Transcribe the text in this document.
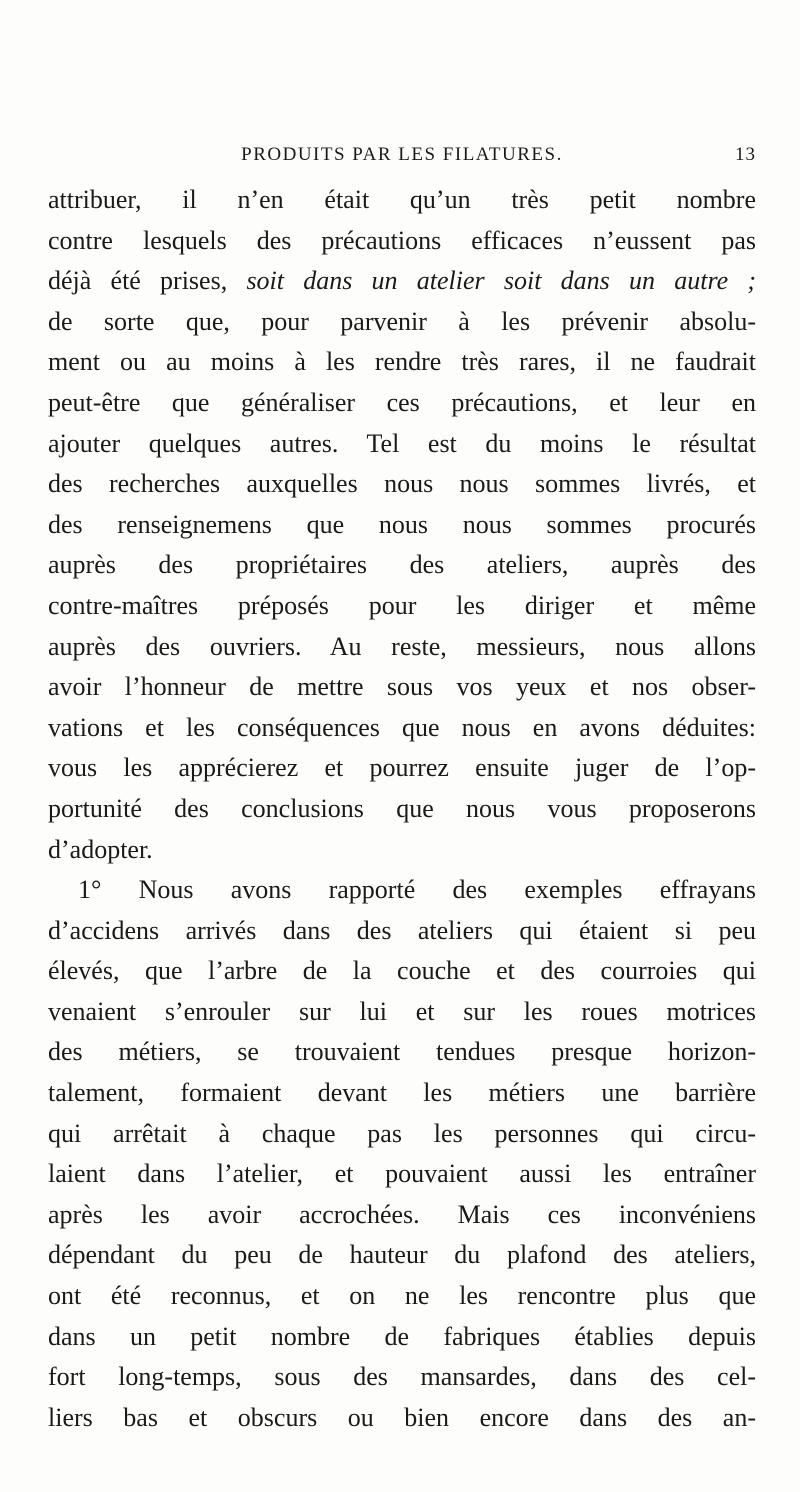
PRODUITS PAR LES FILATURES.	13
attribuer, il n’en était qu’un très petit nombre
contre lesquels des précautions efficaces n’eussent pas
déjà été prises, soit dans un atelier soit dans un autre ;
de sorte que, pour parvenir à les prévenir absolu-
ment ou au moins à les rendre très rares, il ne faudrait
peut-être que généraliser ces précautions, et leur en
ajouter quelques autres. Tel est du moins le résultat
des recherches auxquelles nous nous sommes livrés, et
des renseignemens que nous nous sommes procurés
auprès des propriétaires des ateliers, auprès des
contre-maîtres préposés pour les diriger et même
auprès des ouvriers. Au reste, messieurs, nous allons
avoir l’honneur de mettre sous vos yeux et nos obser-
vations et les conséquences que nous en avons déduites:
vous les apprécierez et pourrez ensuite juger de l’op-
portunité des conclusions que nous vous proposerons
d’adopter.
1° Nous avons rapporté des exemples effrayans
d’accidens arrivés dans des ateliers qui étaient si peu
élevés, que l’arbre de la couche et des courroies qui
venaient s’enrouler sur lui et sur les roues motrices
des métiers, se trouvaient tendues presque horizon-
talement, formaient devant les métiers une barrière
qui arrêtait à chaque pas les personnes qui circu-
laient dans l’atelier, et pouvaient aussi les entraîner
après les avoir accrochées. Mais ces inconvéniens
dépendant du peu de hauteur du plafond des ateliers,
ont été reconnus, et on ne les rencontre plus que
dans un petit nombre de fabriques établies depuis
fort long-temps, sous des mansardes, dans des cel-
liers bas et obscurs ou bien encore dans des an-
